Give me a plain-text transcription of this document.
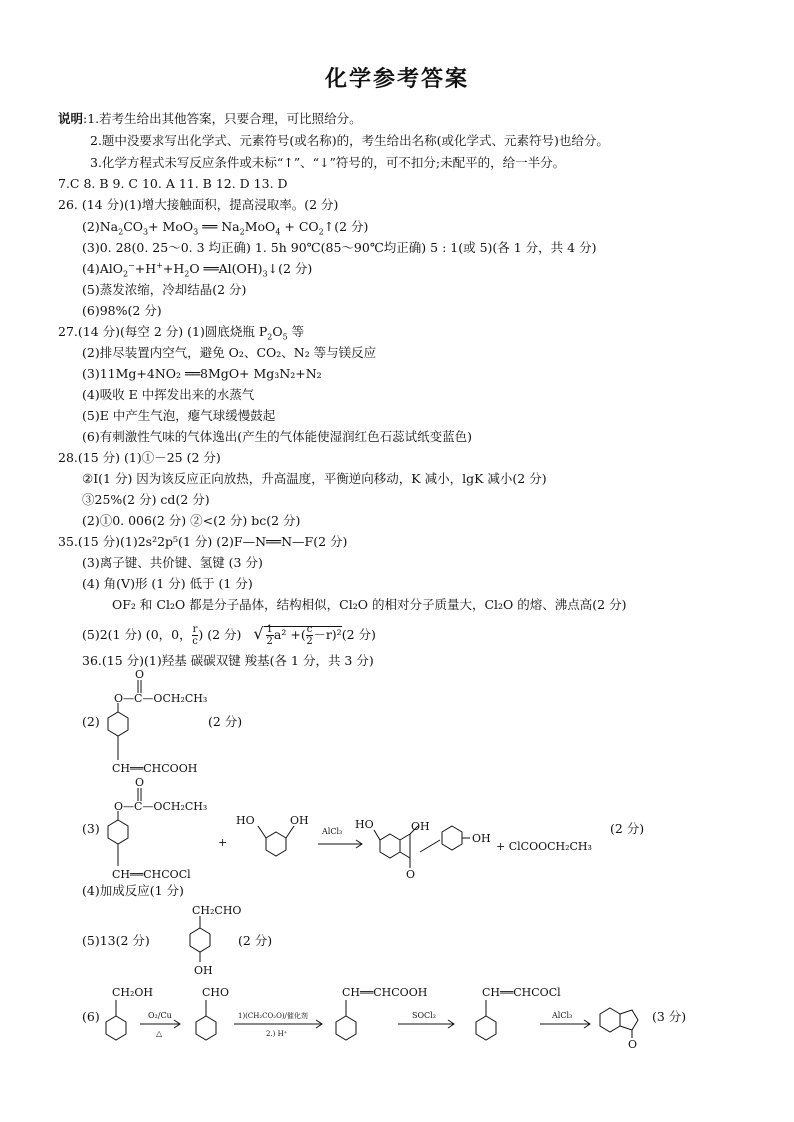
化学参考答案
说明:1.若考生给出其他答案，只要合理，可比照给分。
2.题中没要求写出化学式、元素符号(或名称)的，考生给出名称(或化学式、元素符号)也给分。
3.化学方程式未写反应条件或未标“↑”、“↓”符号的，可不扣分;未配平的，给一半分。
7.C 8. B 9. C 10. A 11. B 12. D 13. D
26. (14 分)(1)增大接触面积，提高浸取率。(2 分)
$(2)Na_2CO_3+ MoO_3$ ══ $Na_2MoO_4$ + $CO_2↑(2$ 分)
(3)0. 28(0. 25～0. 3 均正确) 1. 5h 90℃(85～90℃均正确) 5 : 1(或 5)(各 1 分，共 4 分)
$(4)AlO_2^-+H^++H_2O$ $══Al(OH)_3↓(2$ 分)
(5)蒸发浓缩，冷却结晶(2 分)
(6)98%(2 分)
27.(14 分)(每空 2 分) (1)圆底烧瓶 $P_2O_5$ 等
(2)排尽装置内空气，避免 O₂、CO₂、N₂ 等与镁反应
(3)11Mg+4NO₂ ══8MgO+ Mg₃N₂+N₂
(4)吸收 E 中挥发出来的水蒸气
(5)E 中产生气泡，瘪气球缓慢鼓起
(6)有刺激性气味的气体逸出(产生的气体能使湿润红色石蕊试纸变蓝色)
28.(15 分) (1)①－25 (2 分)
②Ⅰ(1 分) 因为该反应正向放热，升高温度，平衡逆向移动，K 减小，lgK 减小(2 分)
③25%(2 分) cd(2 分)
(2)①0. 006(2 分) ②<(2 分) bc(2 分)
35.(15 分)(1)2s²2p⁵(1 分) (2)F—N══N—F(2 分)
(3)离子键、共价键、氢键 (3 分)
(4) 角(V)形 (1 分) 低于 (1 分)
OF₂ 和 Cl₂O 都是分子晶体，结构相似，Cl₂O 的相对分子质量大，Cl₂O 的熔、沸点高(2 分)
(5)2(1 分) (0，0， $\frac{r}{c}$ ) (2 分) √ $\frac{1}{2} a^2$ +( $\frac{c}{2} -r)^2(2$ 分)
36.(15 分)(1)羟基 碳碳双键 羧基(各 1 分，共 3 分)
(2)	(2 分)
(3)	(2 分)
(4)加成反应(1 分)
(5)13(2 分)	(2 分)
(6)	(3 分)
O—C—OCH₂CH₃
O
CH══CHCOOH
O—C—OCH₂CH₃
O
CH══CHCOCl
+
HO	OH
AlCl₃
HO	OH
OH
O
+ ClCOOCH₂CH₃
CH₂CHO
OH
CH₂OH
O₂/Cu
△
CHO
1)(CH₂CO₂O)/催化剂
2.) H⁺
CH══CHCOOH
SOCl₂
CH══CHCOCl
AlCl₃
O
